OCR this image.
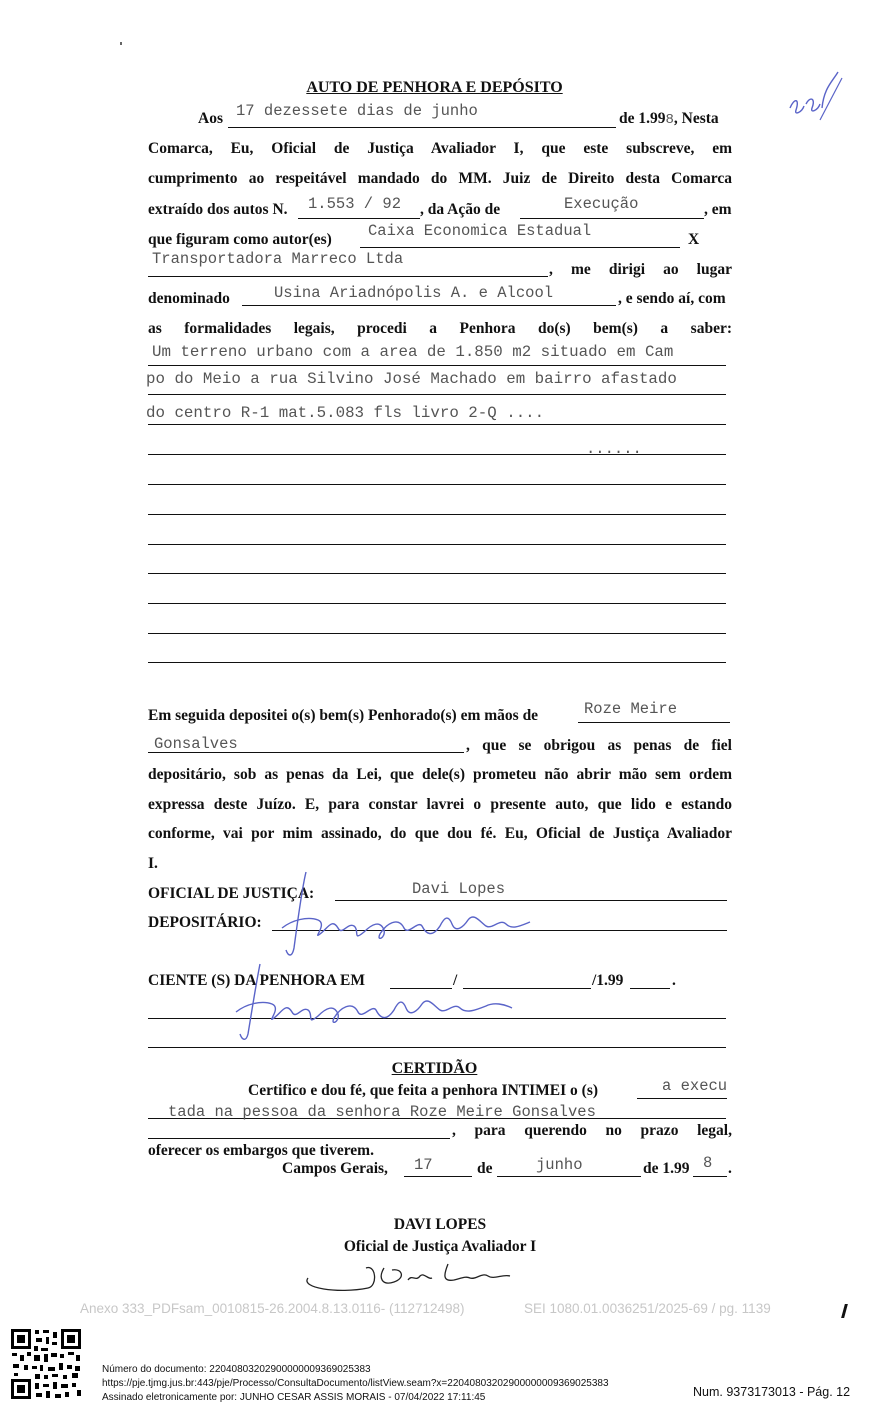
AUTO DE PENHORA E DEPÓSITO
Aos 17 dezessete dias de junho	de 1.998, Nesta
Comarca, Eu, Oficial de Justiça Avaliador I, que este subscreve, em
cumprimento ao respeitável mandado do MM. Juiz de Direito desta Comarca
extraído dos autos N. 1.553 / 92 , da Ação de	Execução	, em
que figuram como autor(es) Caixa Economica Estadual	X
Transportadora Marreco Ltda
, me dirigi ao lugar
denominado	Usina Ariadnópolis A. e Alcool	, e sendo aí, com
as formalidades legais, procedi a Penhora do(s) bem(s) a saber:
Um terreno urbano com a area de 1.850 m2 situado em Cam
po do Meio a rua Silvino José Machado em bairro afastado
do centro R-1 mat.5.083 fls livro 2-Q ....
......
Em seguida depositei o(s) bem(s) Penhorado(s) em mãos de	Roze Meire
Gonsalves	, que se obrigou as penas de fiel
depositário, sob as penas da Lei, que dele(s) prometeu não abrir mão sem ordem
expressa deste Juízo. E, para constar lavrei o presente auto, que lido e estando
conforme, vai por mim assinado, do que dou fé. Eu, Oficial de Justiça Avaliador
I.
OFICIAL DE JUSTIÇA:	Davi Lopes
DEPOSITÁRIO:
CIENTE (S) DA PENHORA EM	/	/1.99	.
CERTIDÃO
Certifico e dou fé, que feita a penhora INTIMEI o (s)	a execu
tada na pessoa da senhora Roze Meire Gonsalves
, para querendo no prazo legal,
oferecer os embargos que tiverem.
Campos Gerais, 17	de	junho	de 1.99 8 .
DAVI LOPES
Oficial de Justiça Avaliador I
Anexo 333_PDFsam_0010815-26.2004.8.13.0116- (112712498)	SEI 1080.01.0036251/2025-69 / pg. 1139
Número do documento: 22040803202900000009369025383
https://pje.tjmg.jus.br:443/pje/Processo/ConsultaDocumento/listView.seam?x=22040803202900000009369025383
Assinado eletronicamente por: JUNHO CESAR ASSIS MORAIS - 07/04/2022 17:11:45	Num. 9373173013 - Pág. 12
